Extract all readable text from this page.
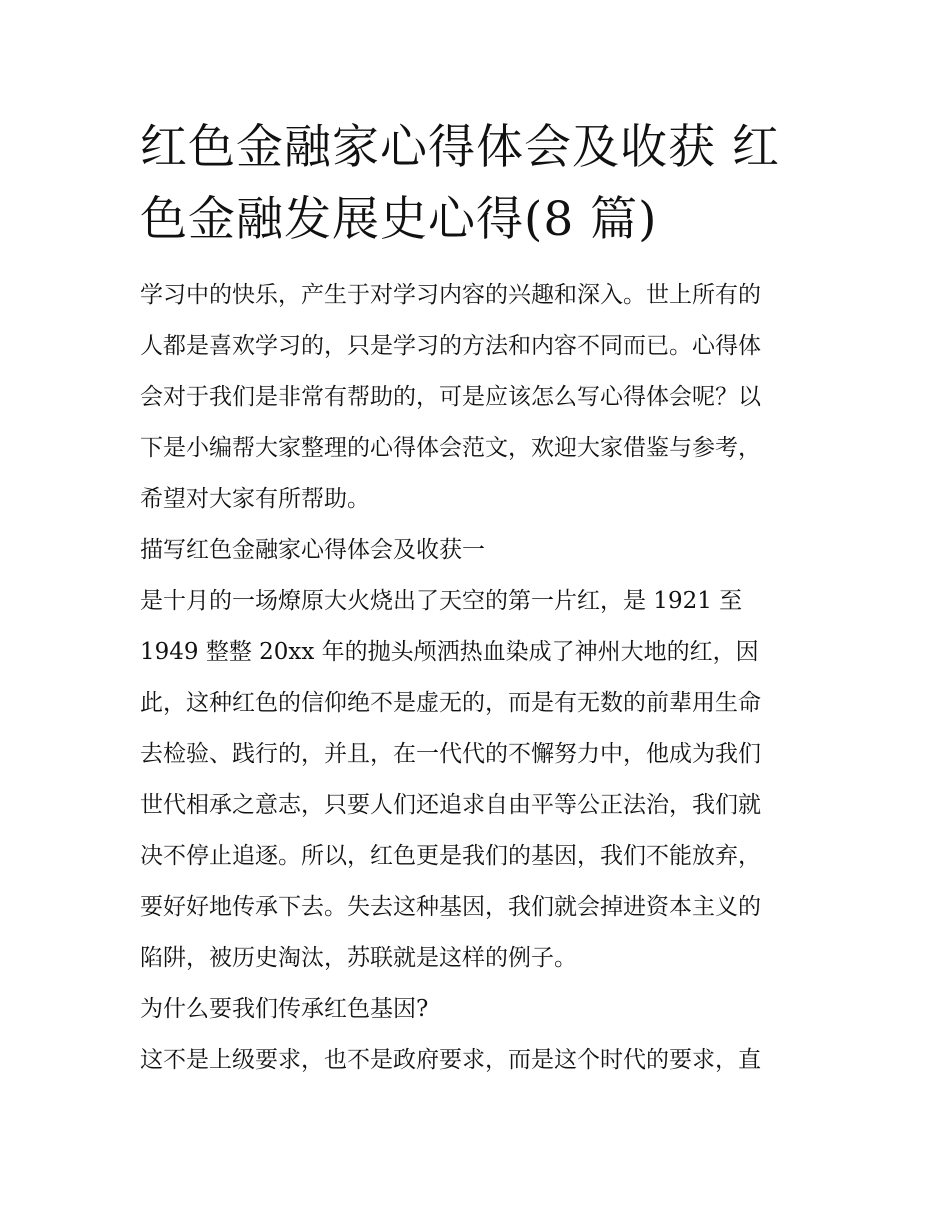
红色金融家心得体会及收获 红
色金融发展史心得(8 篇)
学习中的快乐，产生于对学习内容的兴趣和深入。世上所有的
人都是喜欢学习的，只是学习的方法和内容不同而已。心得体
会对于我们是非常有帮助的，可是应该怎么写心得体会呢？以
下是小编帮大家整理的心得体会范文，欢迎大家借鉴与参考，
希望对大家有所帮助。
描写红色金融家心得体会及收获一
是十月的一场燎原大火烧出了天空的第一片红，是 1921 至
1949 整整 20xx 年的抛头颅洒热血染成了神州大地的红，因
此，这种红色的信仰绝不是虚无的，而是有无数的前辈用生命
去检验、践行的，并且，在一代代的不懈努力中，他成为我们
世代相承之意志，只要人们还追求自由平等公正法治，我们就
决不停止追逐。所以，红色更是我们的基因，我们不能放弃，
要好好地传承下去。失去这种基因，我们就会掉进资本主义的
陷阱，被历史淘汰，苏联就是这样的例子。
为什么要我们传承红色基因?
这不是上级要求，也不是政府要求，而是这个时代的要求，直
